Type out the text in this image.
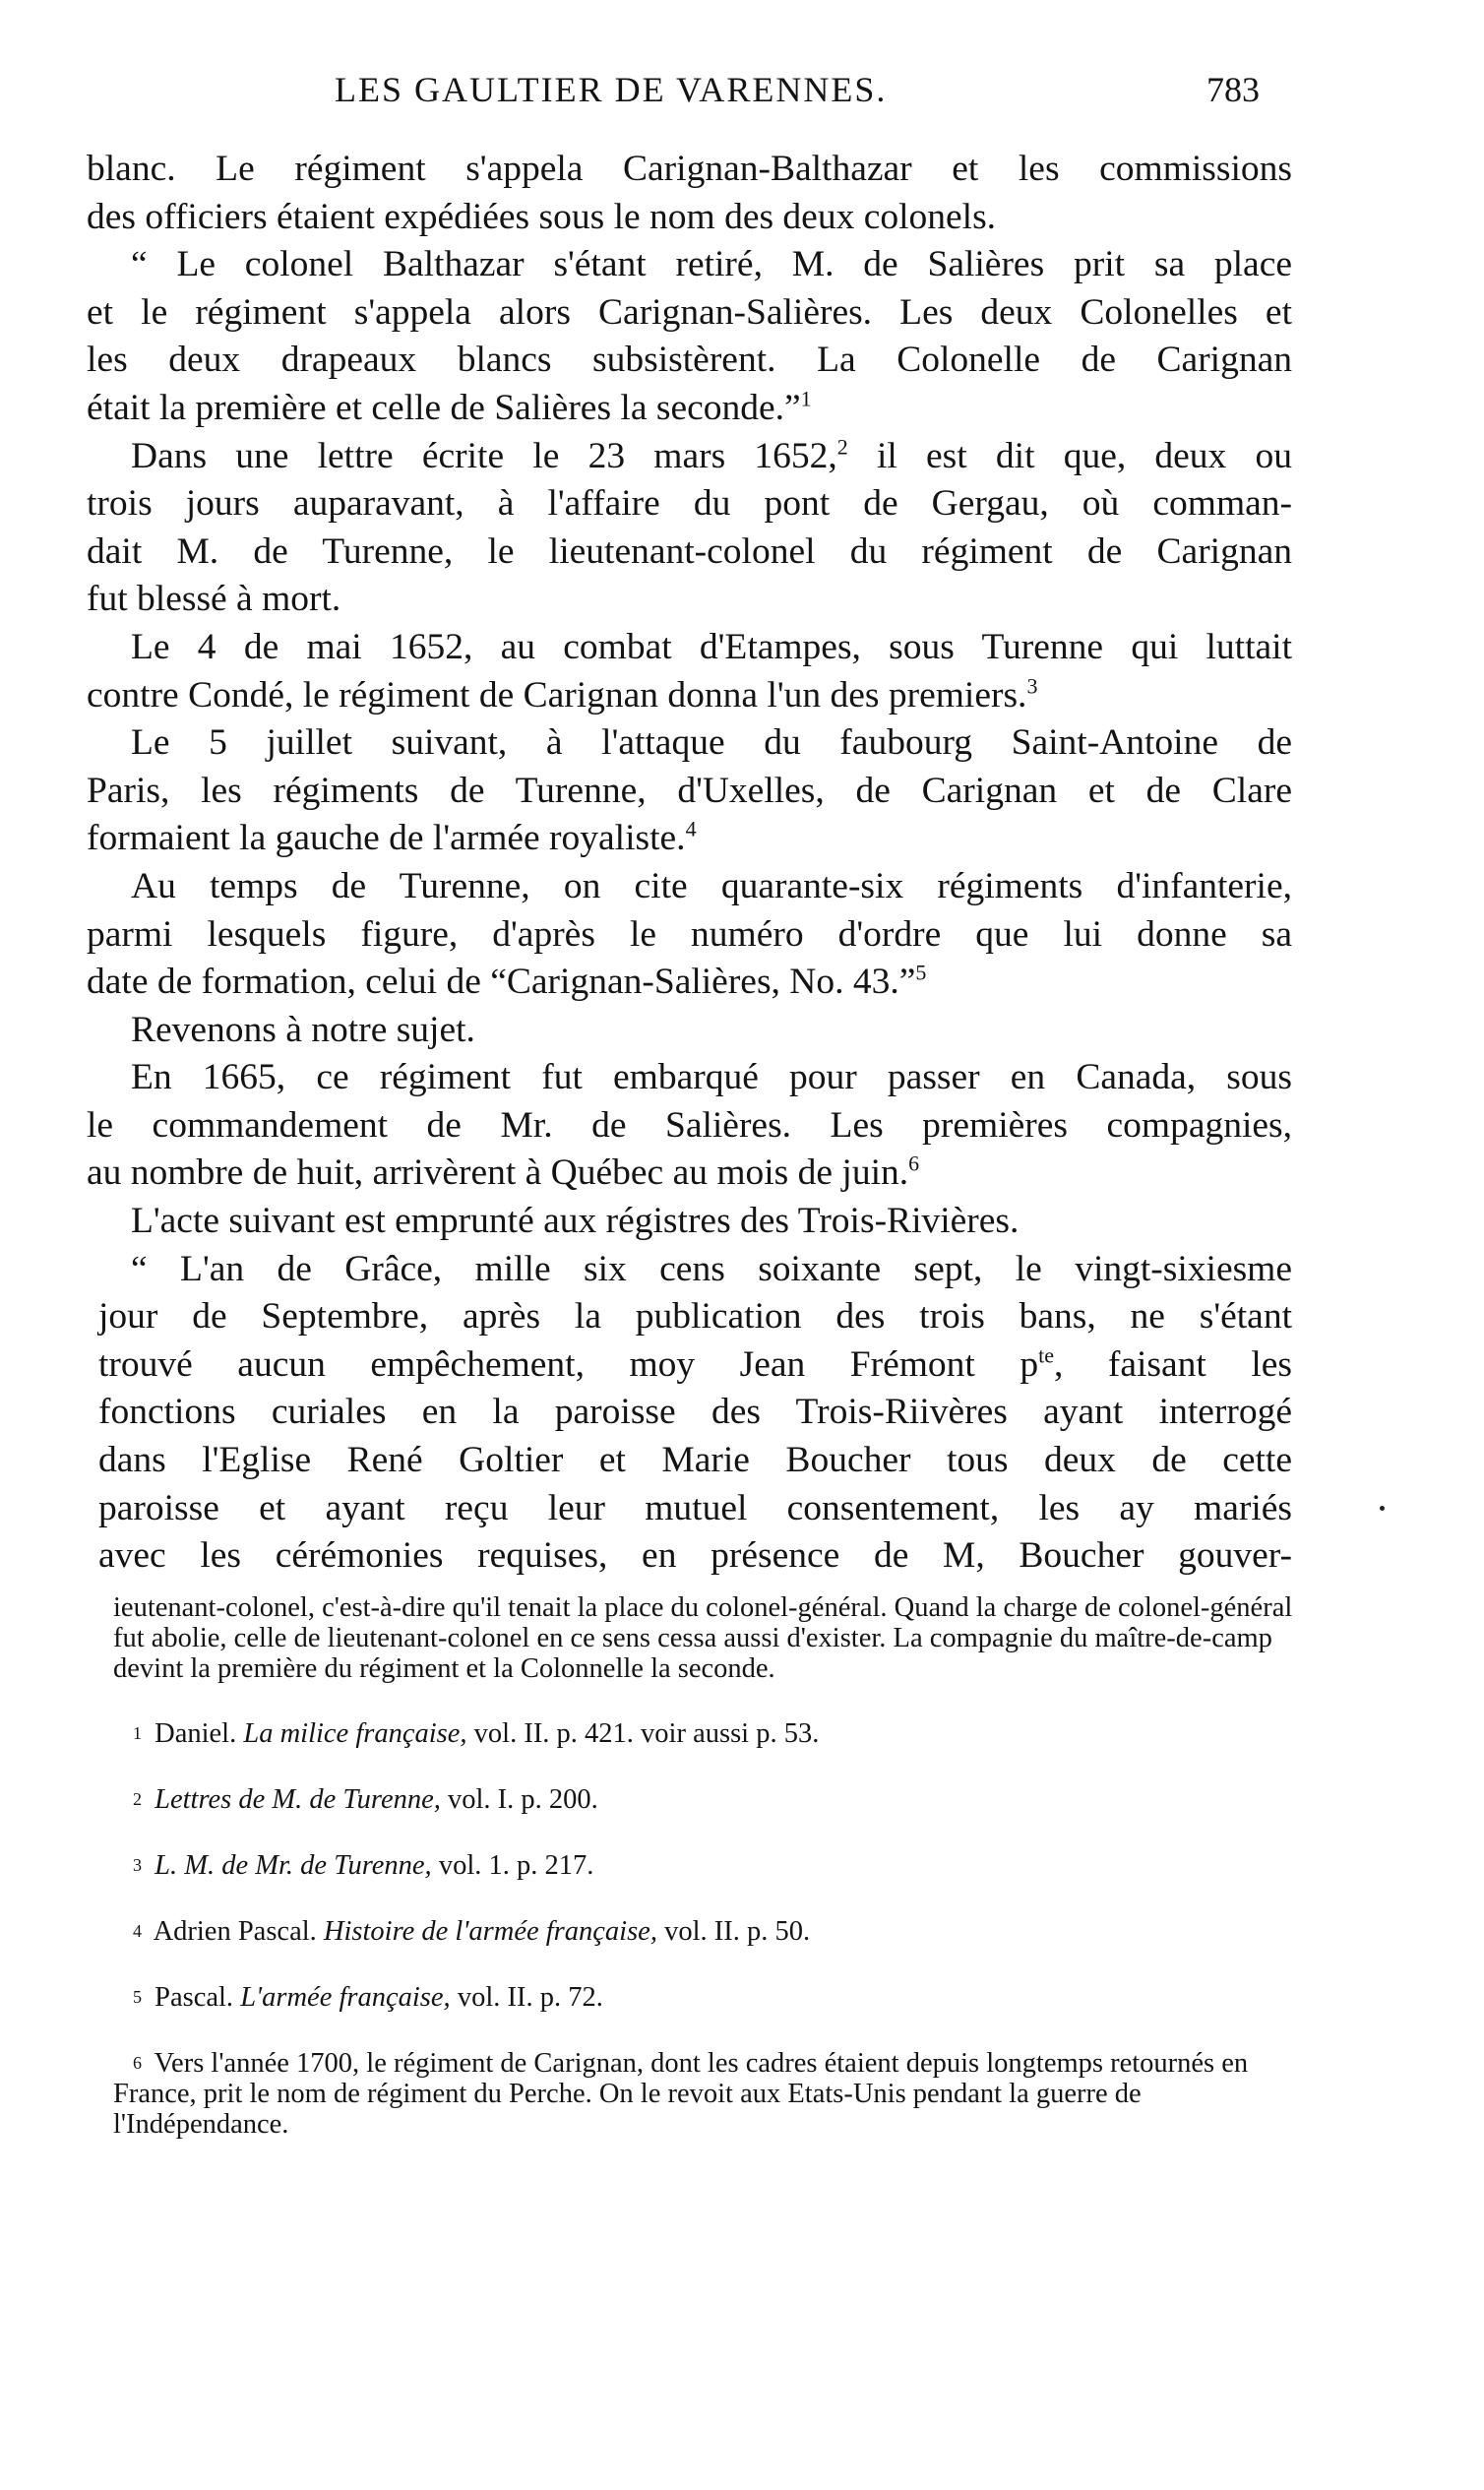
LES GAULTIER DE VARENNES.	783

blanc. Le régiment s'appela Carignan-Balthazar et les commissions
des officiers étaient expédiées sous le nom des deux colonels.

“ Le colonel Balthazar s'étant retiré, M. de Salières prit sa place
et le régiment s'appela alors Carignan-Salières. Les deux Colonelles et
les deux drapeaux blancs subsistèrent. La Colonelle de Carignan
était la première et celle de Salières la seconde.”$^1$

Dans une lettre écrite le 23 mars 1652,$^2$ il est dit que, deux ou
trois jours auparavant, à l'affaire du pont de Gergau, où comman-
dait M. de Turenne, le lieutenant-colonel du régiment de Carignan
fut blessé à mort.

Le 4 de mai 1652, au combat d'Etampes, sous Turenne qui luttait
contre Condé, le régiment de Carignan donna l'un des premiers.$^3$

Le 5 juillet suivant, à l'attaque du faubourg Saint-Antoine de
Paris, les régiments de Turenne, d'Uxelles, de Carignan et de Clare
formaient la gauche de l'armée royaliste.$^4$

Au temps de Turenne, on cite quarante-six régiments d'infanterie,
parmi lesquels figure, d'après le numéro d'ordre que lui donne sa
date de formation, celui de “Carignan-Salières, No. 43.”$^5$

Revenons à notre sujet.

En 1665, ce régiment fut embarqué pour passer en Canada, sous
le commandement de Mr. de Salières. Les premières compagnies,
au nombre de huit, arrivèrent à Québec au mois de juin.$^6$

L'acte suivant est emprunté aux régistres des Trois-Rivières.

“ L'an de Grâce, mille six cens soixante sept, le vingt-sixiesme
jour de Septembre, après la publication des trois bans, ne s'étant
trouvé aucun empêchement, moy Jean Frémont $p^{te}$, faisant les
fonctions curiales en la paroisse des Trois-Riivères ayant interrogé
dans l'Eglise René Goltier et Marie Boucher tous deux de cette
paroisse et ayant reçu leur mutuel consentement, les ay mariés
avec les cérémonies requises, en présence de M, Boucher gouver-

ieutenant-colonel, c'est-à-dire qu'il tenait la place du colonel-général. Quand la charge de colonel-général fut abolie, celle de lieutenant-colonel en ce sens cessa aussi d'exister. La compagnie du maître-de-camp devint la première du régiment et la Colonnelle la seconde.

$^1$ Daniel. La milice française, vol. II. p. 421. voir aussi p. 53.
$^2$ Lettres de M. de Turenne, vol. I. p. 200.
$^3$ L. M. de Mr. de Turenne, vol. 1. p. 217.
$^4$ Adrien Pascal. Histoire de l'armée française, vol. II. p. 50.
$^5$ Pascal. L'armée française, vol. II. p. 72.
$^6$ Vers l'année 1700, le régiment de Carignan, dont les cadres étaient depuis longtemps retournés en France, prit le nom de régiment du Perche. On le revoit aux Etats-Unis pendant la guerre de l'Indépendance.
